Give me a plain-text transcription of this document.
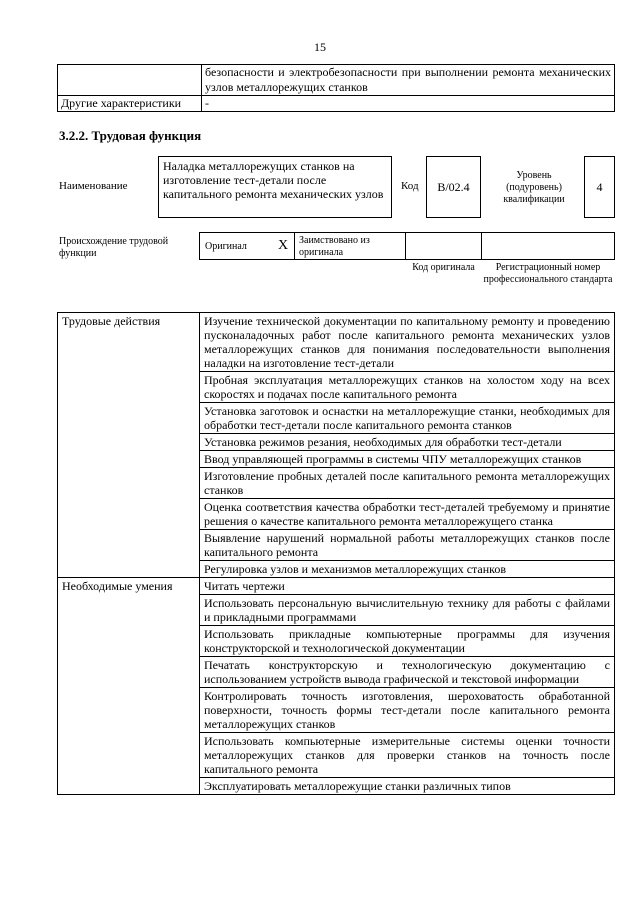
15
	безопасности и электробезопасности при выполнении ремонта механических узлов металлорежущих станков
Другие характеристики	-
3.2.2. Трудовая функция
Наименование
Наладка металлорежущих станков на изготовление тест-детали после капитального ремонта механических узлов
Код B/02.4
Уровень (подуровень) квалификации
4
Происхождение трудовой функции
Оригинал X Заимствовано из оригинала
Код оригинала	Регистрационный номер профессионального стандарта
Трудовые действия	Изучение технической документации по капитальному ремонту и проведению пусконаладочных работ после капитального ремонта механических узлов металлорежущих станков для понимания последовательности выполнения наладки на изготовление тест-детали
	Пробная эксплуатация металлорежущих станков на холостом ходу на всех скоростях и подачах после капитального ремонта
	Установка заготовок и оснастки на металлорежущие станки, необходимых для обработки тест-детали после капитального ремонта станков
	Установка режимов резания, необходимых для обработки тест-детали
	Ввод управляющей программы в системы ЧПУ металлорежущих станков
	Изготовление пробных деталей после капитального ремонта металлорежущих станков
	Оценка соответствия качества обработки тест-деталей требуемому и принятие решения о качестве капитального ремонта металлорежущего станка
	Выявление нарушений нормальной работы металлорежущих станков после капитального ремонта
	Регулировка узлов и механизмов металлорежущих станков
Необходимые умения	Читать чертежи
	Использовать персональную вычислительную технику для работы с файлами и прикладными программами
	Использовать прикладные компьютерные программы для изучения конструкторской и технологической документации
	Печатать конструкторскую и технологическую документацию с использованием устройств вывода графической и текстовой информации
	Контролировать точность изготовления, шероховатость обработанной поверхности, точность формы тест-детали после капитального ремонта металлорежущих станков
	Использовать компьютерные измерительные системы оценки точности металлорежущих станков для проверки станков на точность после капитального ремонта
	Эксплуатировать металлорежущие станки различных типов
